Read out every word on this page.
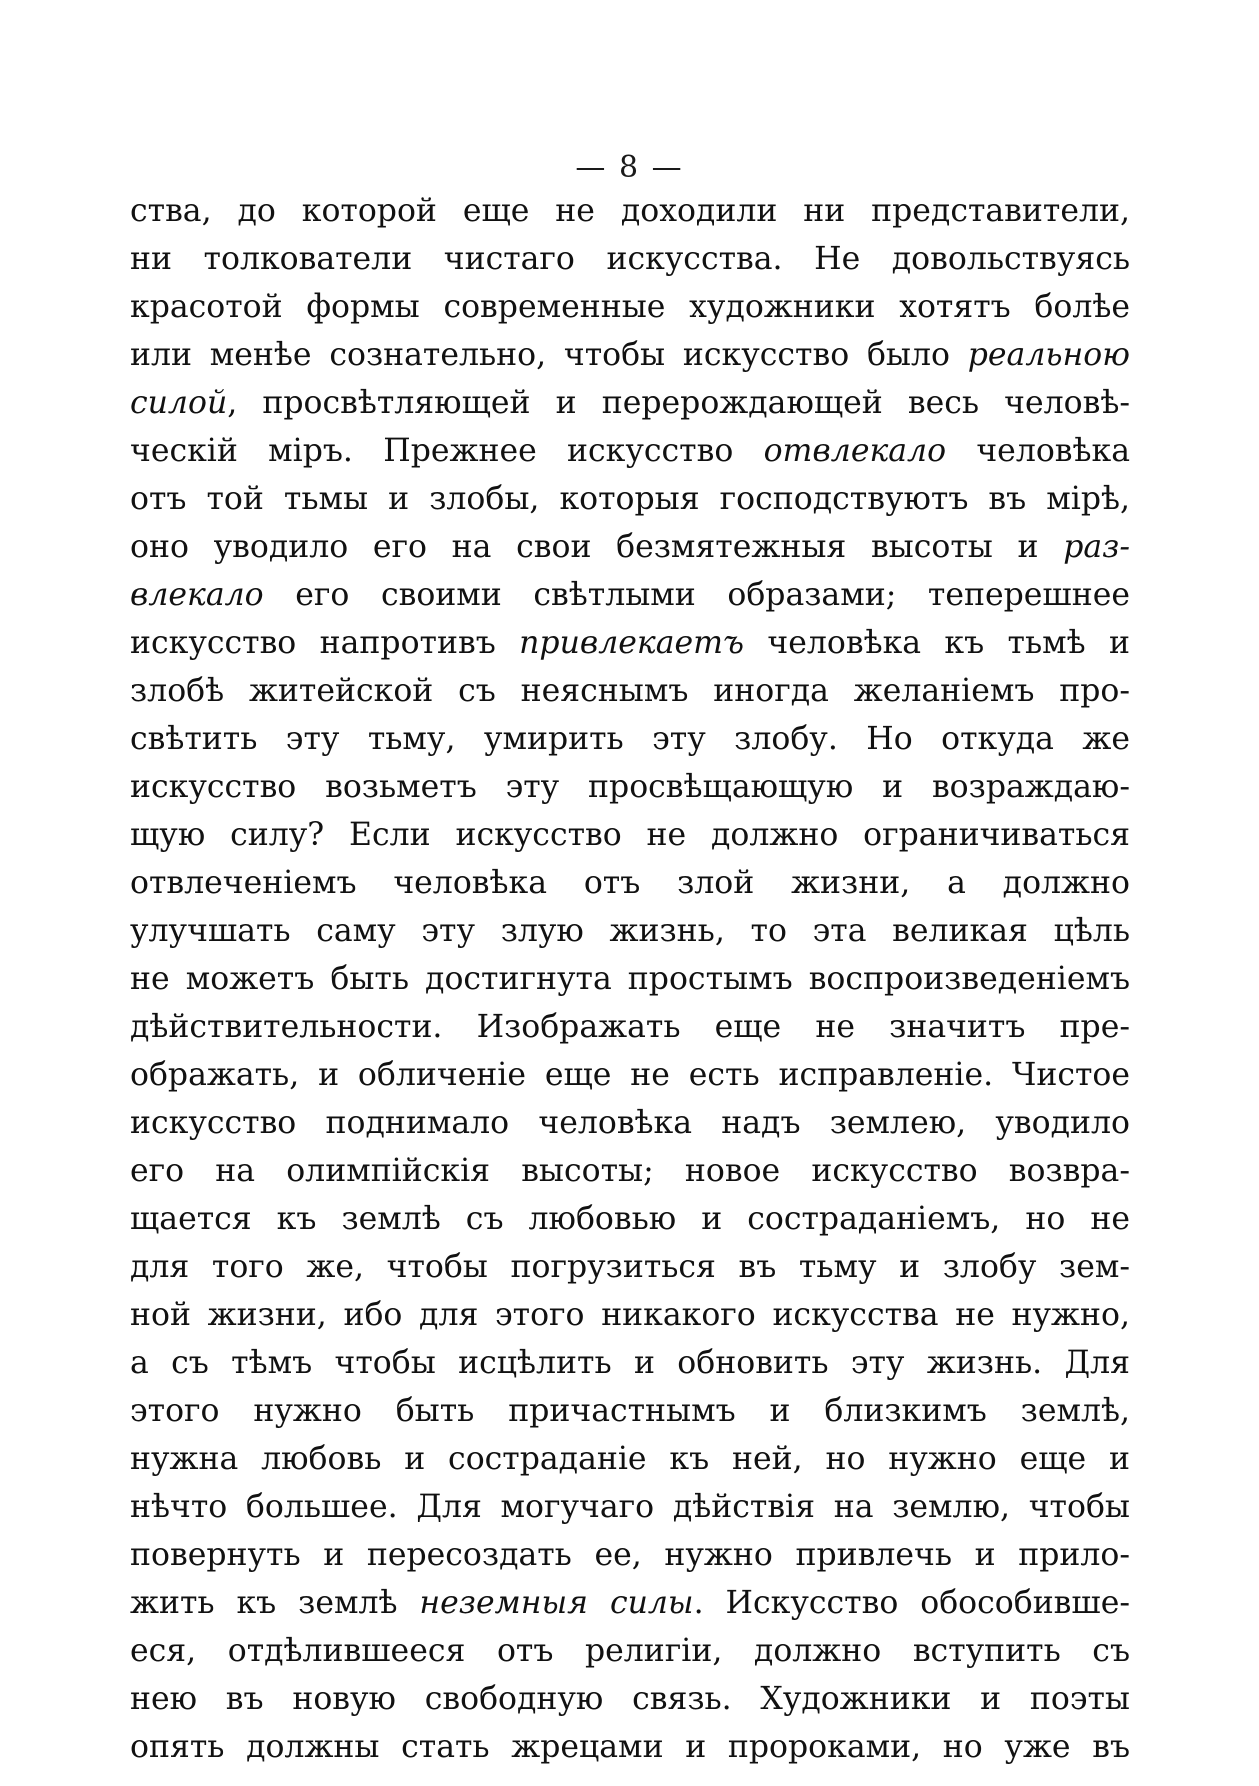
— 8 —
ства, до которой еще не доходили ни представители,
ни толкователи чистаго искусства. Не довольствуясь
красотой формы современные художники хотятъ болѣе
или менѣе сознательно, чтобы искусство было реальною
силой, просвѣтляющей и перерождающей весь человѣ-
ческій міръ. Прежнее искусство отвлекало человѣка
отъ той тьмы и злобы, которыя господствуютъ въ мірѣ,
оно уводило его на свои безмятежныя высоты и раз-
влекало его своими свѣтлыми образами; теперешнее
искусство напротивъ привлекаетъ человѣка къ тьмѣ и
злобѣ житейской съ неяснымъ иногда желаніемъ про-
свѣтить эту тьму, умирить эту злобу. Но откуда же
искусство возьметъ эту просвѣщающую и возраждаю-
щую силу? Если искусство не должно ограничиваться
отвлеченіемъ человѣка отъ злой жизни, а должно
улучшать саму эту злую жизнь, то эта великая цѣль
не можетъ быть достигнута простымъ воспроизведеніемъ
дѣйствительности. Изображать еще не значитъ пре-
ображать, и обличеніе еще не есть исправленіе. Чистое
искусство поднимало человѣка надъ землею, уводило
его на олимпійскія высоты; новое искусство возвра-
щается къ землѣ съ любовью и состраданіемъ, но не
для того же, чтобы погрузиться въ тьму и злобу зем-
ной жизни, ибо для этого никакого искусства не нужно,
а съ тѣмъ чтобы исцѣлить и обновить эту жизнь. Для
этого нужно быть причастнымъ и близкимъ землѣ,
нужна любовь и состраданіе къ ней, но нужно еще и
нѣчто большее. Для могучаго дѣйствія на землю, чтобы
повернуть и пересоздать ее, нужно привлечь и прило-
жить къ землѣ неземныя силы. Искусство обособивше-
еся, отдѣлившееся отъ религіи, должно вступить съ
нею въ новую свободную связь. Художники и поэты
опять должны стать жрецами и пророками, но уже въ
